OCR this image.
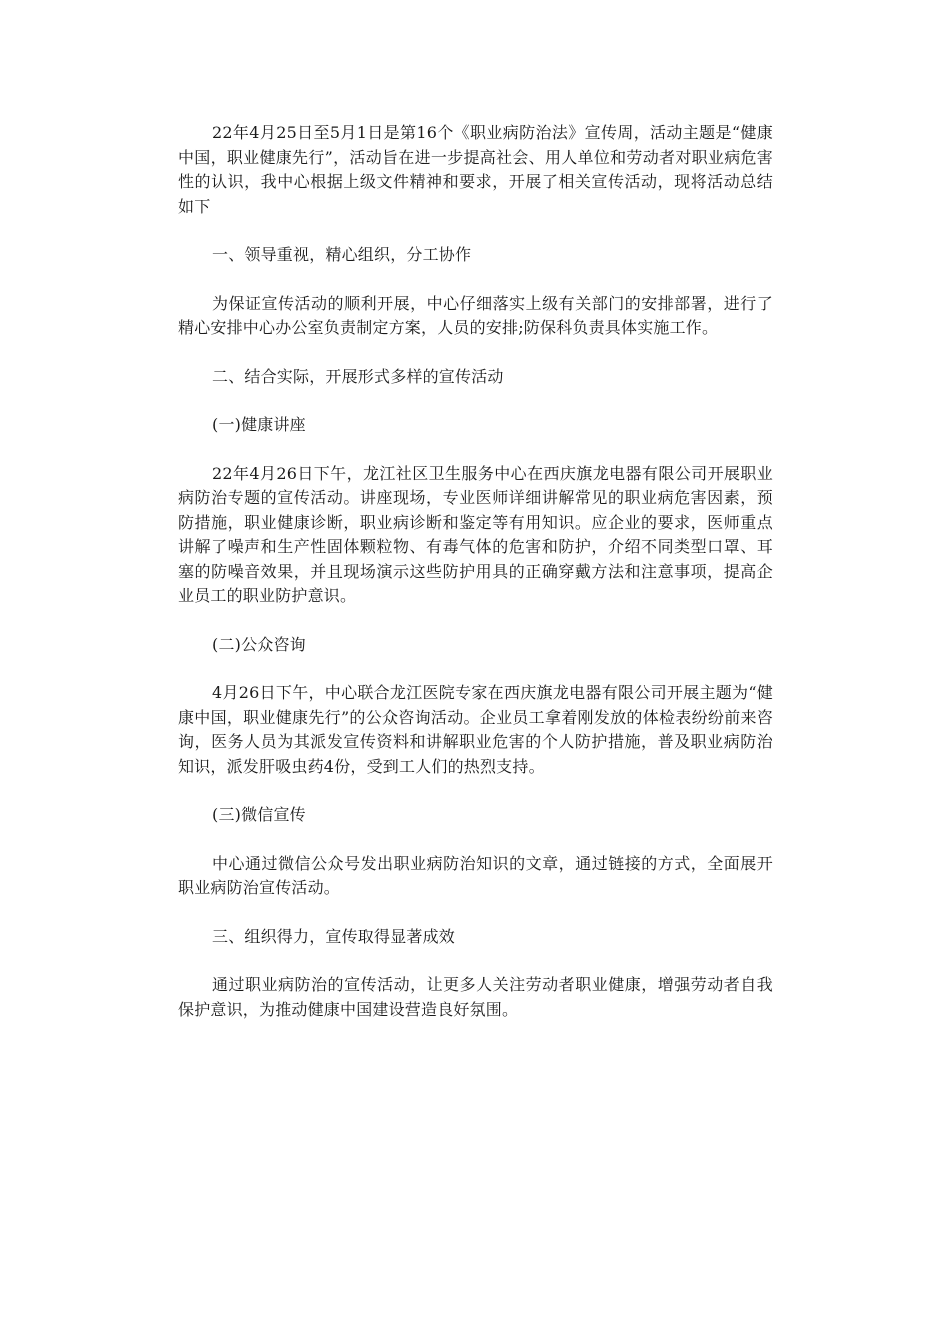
22年4月25日至5月1日是第16个《职业病防治法》宣传周，活动主题是“健康中国，职业健康先行”，活动旨在进一步提高社会、用人单位和劳动者对职业病危害性的认识，我中心根据上级文件精神和要求，开展了相关宣传活动，现将活动总结如下

一、领导重视，精心组织，分工协作

为保证宣传活动的顺利开展，中心仔细落实上级有关部门的安排部署，进行了精心安排中心办公室负责制定方案，人员的安排;防保科负责具体实施工作。

二、结合实际，开展形式多样的宣传活动

(一)健康讲座

22年4月26日下午，龙江社区卫生服务中心在西庆旗龙电器有限公司开展职业病防治专题的宣传活动。讲座现场，专业医师详细讲解常见的职业病危害因素，预防措施，职业健康诊断，职业病诊断和鉴定等有用知识。应企业的要求，医师重点讲解了噪声和生产性固体颗粒物、有毒气体的危害和防护，介绍不同类型口罩、耳塞的防噪音效果，并且现场演示这些防护用具的正确穿戴方法和注意事项，提高企业员工的职业防护意识。

(二)公众咨询

4月26日下午，中心联合龙江医院专家在西庆旗龙电器有限公司开展主题为“健康中国，职业健康先行”的公众咨询活动。企业员工拿着刚发放的体检表纷纷前来咨询，医务人员为其派发宣传资料和讲解职业危害的个人防护措施，普及职业病防治知识，派发肝吸虫药4份，受到工人们的热烈支持。

(三)微信宣传

中心通过微信公众号发出职业病防治知识的文章，通过链接的方式，全面展开职业病防治宣传活动。

三、组织得力，宣传取得显著成效

通过职业病防治的宣传活动，让更多人关注劳动者职业健康，增强劳动者自我保护意识，为推动健康中国建设营造良好氛围。
